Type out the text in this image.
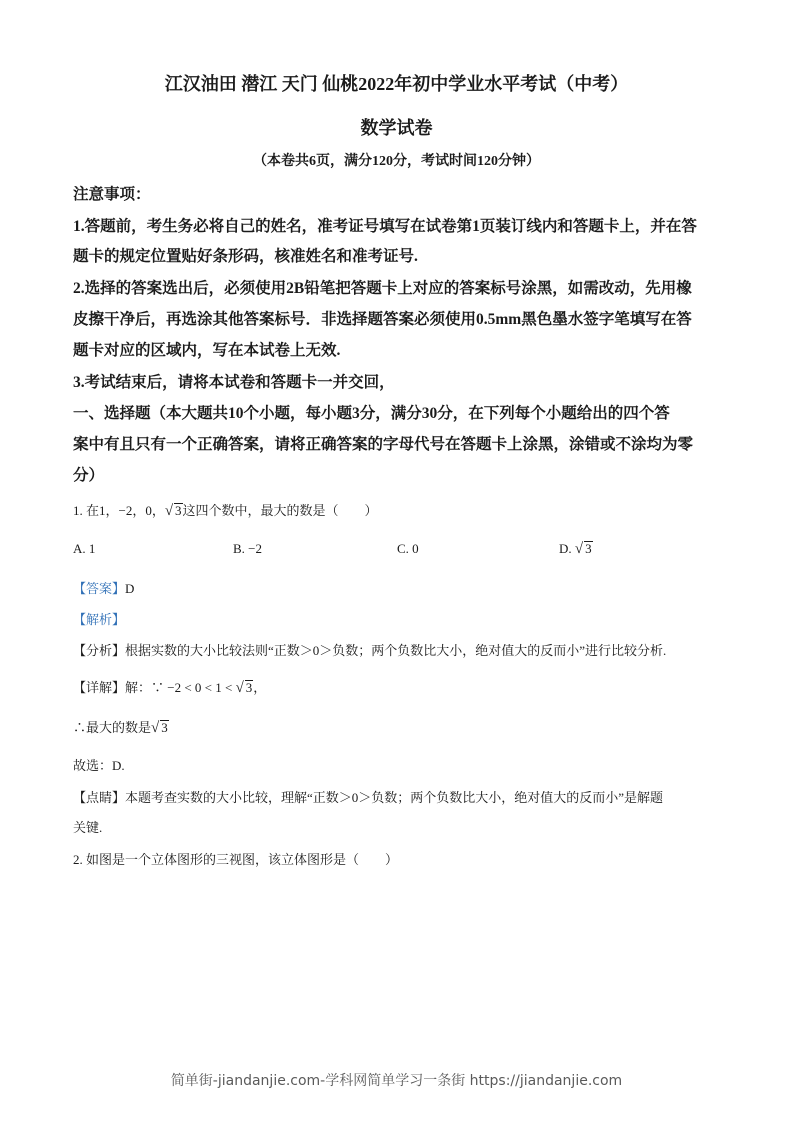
江汉油田 潜江 天门 仙桃2022年初中学业水平考试（中考）
数学试卷
（本卷共6页，满分120分，考试时间120分钟）
注意事项：
1.答题前，考生务必将自己的姓名，准考证号填写在试卷第1页装订线内和答题卡上，并在答
题卡的规定位置贴好条形码，核准姓名和准考证号.
2.选择的答案选出后，必须使用2B铅笔把答题卡上对应的答案标号涂黑，如需改动，先用橡
皮擦干净后，再选涂其他答案标号．非选择题答案必须使用0.5mm黑色墨水签字笔填写在答
题卡对应的区域内，写在本试卷上无效.
3.考试结束后，请将本试卷和答题卡一并交回，
一、选择题（本大题共10个小题，每小题3分，满分30分，在下列每个小题给出的四个答
案中有且只有一个正确答案，请将正确答案的字母代号在答题卡上涂黑，涂错或不涂均为零
分）
1. 在1，−2，0，√ 3这四个数中，最大的数是（　　）
A. 1	B. −2	C. 0	D. √ 3
【答案】D
【解析】
【分析】根据实数的大小比较法则“正数＞0＞负数；两个负数比大小，绝对值大的反而小”进行比较分析.
【详解】解：∵ −2 < 0 < 1 < √ 3，
∴最大的数是√ 3
故选：D.
【点睛】本题考查实数的大小比较，理解“正数＞0＞负数；两个负数比大小，绝对值大的反而小”是解题
关键.
2. 如图是一个立体图形的三视图，该立体图形是（　　）
简单街-jiandanjie.com-学科网简单学习一条街 https://jiandanjie.com
